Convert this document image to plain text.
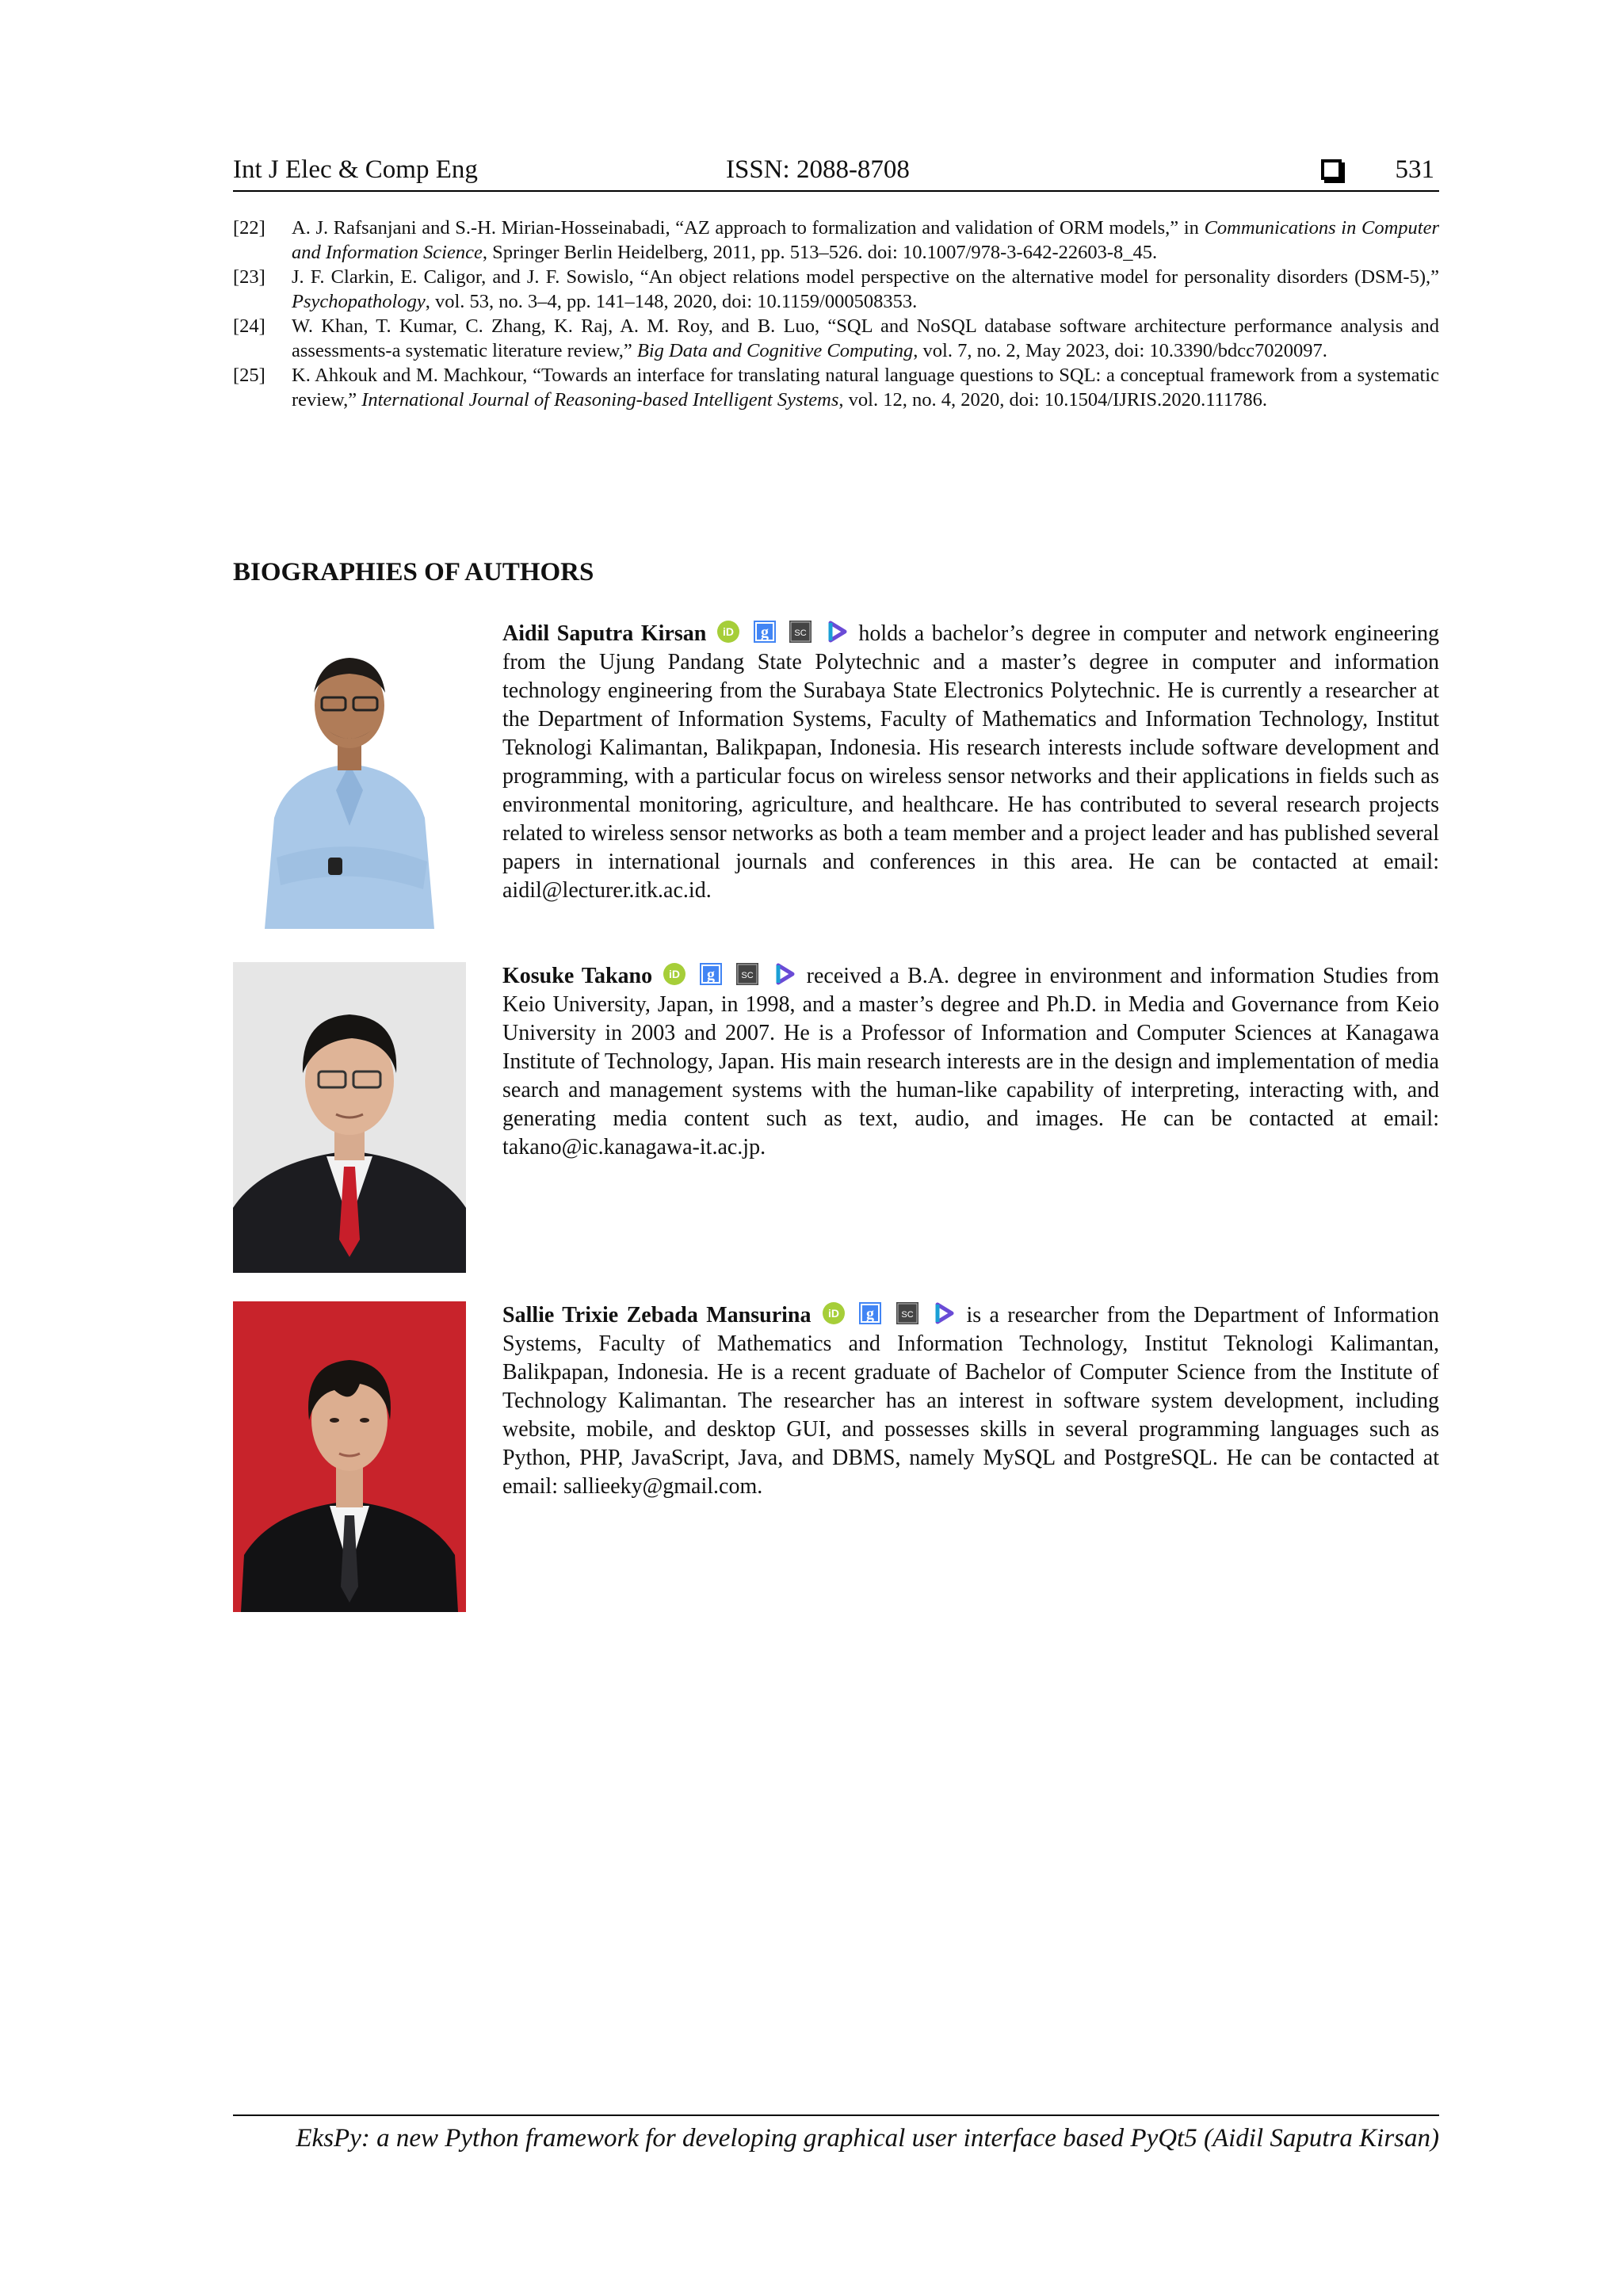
Int J Elec & Comp Eng	ISSN: 2088-8708	531

[22] A. J. Rafsanjani and S.-H. Mirian-Hosseinabadi, “AZ approach to formalization and validation of ORM models,” in Communications in Computer and Information Science, Springer Berlin Heidelberg, 2011, pp. 513–526. doi: 10.1007/978-3-642-22603-8_45.

[23] J. F. Clarkin, E. Caligor, and J. F. Sowislo, “An object relations model perspective on the alternative model for personality disorders (DSM-5),” Psychopathology, vol. 53, no. 3–4, pp. 141–148, 2020, doi: 10.1159/000508353.

[24] W. Khan, T. Kumar, C. Zhang, K. Raj, A. M. Roy, and B. Luo, “SQL and NoSQL database software architecture performance analysis and assessments-a systematic literature review,” Big Data and Cognitive Computing, vol. 7, no. 2, May 2023, doi: 10.3390/bdcc7020097.

[25] K. Ahkouk and M. Machkour, “Towards an interface for translating natural language questions to SQL: a conceptual framework from a systematic review,” International Journal of Reasoning-based Intelligent Systems, vol. 12, no. 4, 2020, doi: 10.1504/IJRIS.2020.111786.

BIOGRAPHIES OF AUTHORS
Aidil Saputra Kirsan	holds a bachelor’s degree in computer and network engineering from the Ujung Pandang State Polytechnic and a master’s degree in computer and information technology engineering from the Surabaya State Electronics Polytechnic. He is currently a researcher at the Department of Information Systems, Faculty of Mathematics and Information Technology, Institut Teknologi Kalimantan, Balikpapan, Indonesia. His research interests include software development and programming, with a particular focus on wireless sensor networks and their applications in fields such as environmental monitoring, agriculture, and healthcare. He has contributed to several research projects related to wireless sensor networks as both a team member and a project leader and has published several papers in international journals and conferences in this area. He can be contacted at email: aidil@lecturer.itk.ac.id.
Kosuke Takano	received a B.A. degree in environment and information Studies from Keio University, Japan, in 1998, and a master’s degree and Ph.D. in Media and Governance from Keio University in 2003 and 2007. He is a Professor of Information and Computer Sciences at Kanagawa Institute of Technology, Japan. His main research interests are in the design and implementation of media search and management systems with the human-like capability of interpreting, interacting with, and generating media content such as text, audio, and images. He can be contacted at email: takano@ic.kanagawa-it.ac.jp.
Sallie Trixie Zebada Mansurina	is a researcher from the Department of Information Systems, Faculty of Mathematics and Information Technology, Institut Teknologi Kalimantan, Balikpapan, Indonesia. He is a recent graduate of Bachelor of Computer Science from the Institute of Technology Kalimantan. The researcher has an interest in software system development, including website, mobile, and desktop GUI, and possesses skills in several programming languages such as Python, PHP, JavaScript, Java, and DBMS, namely MySQL and PostgreSQL. He can be contacted at email: sallieeky@gmail.com.
EksPy: a new Python framework for developing graphical user interface based PyQt5 (Aidil Saputra Kirsan)
